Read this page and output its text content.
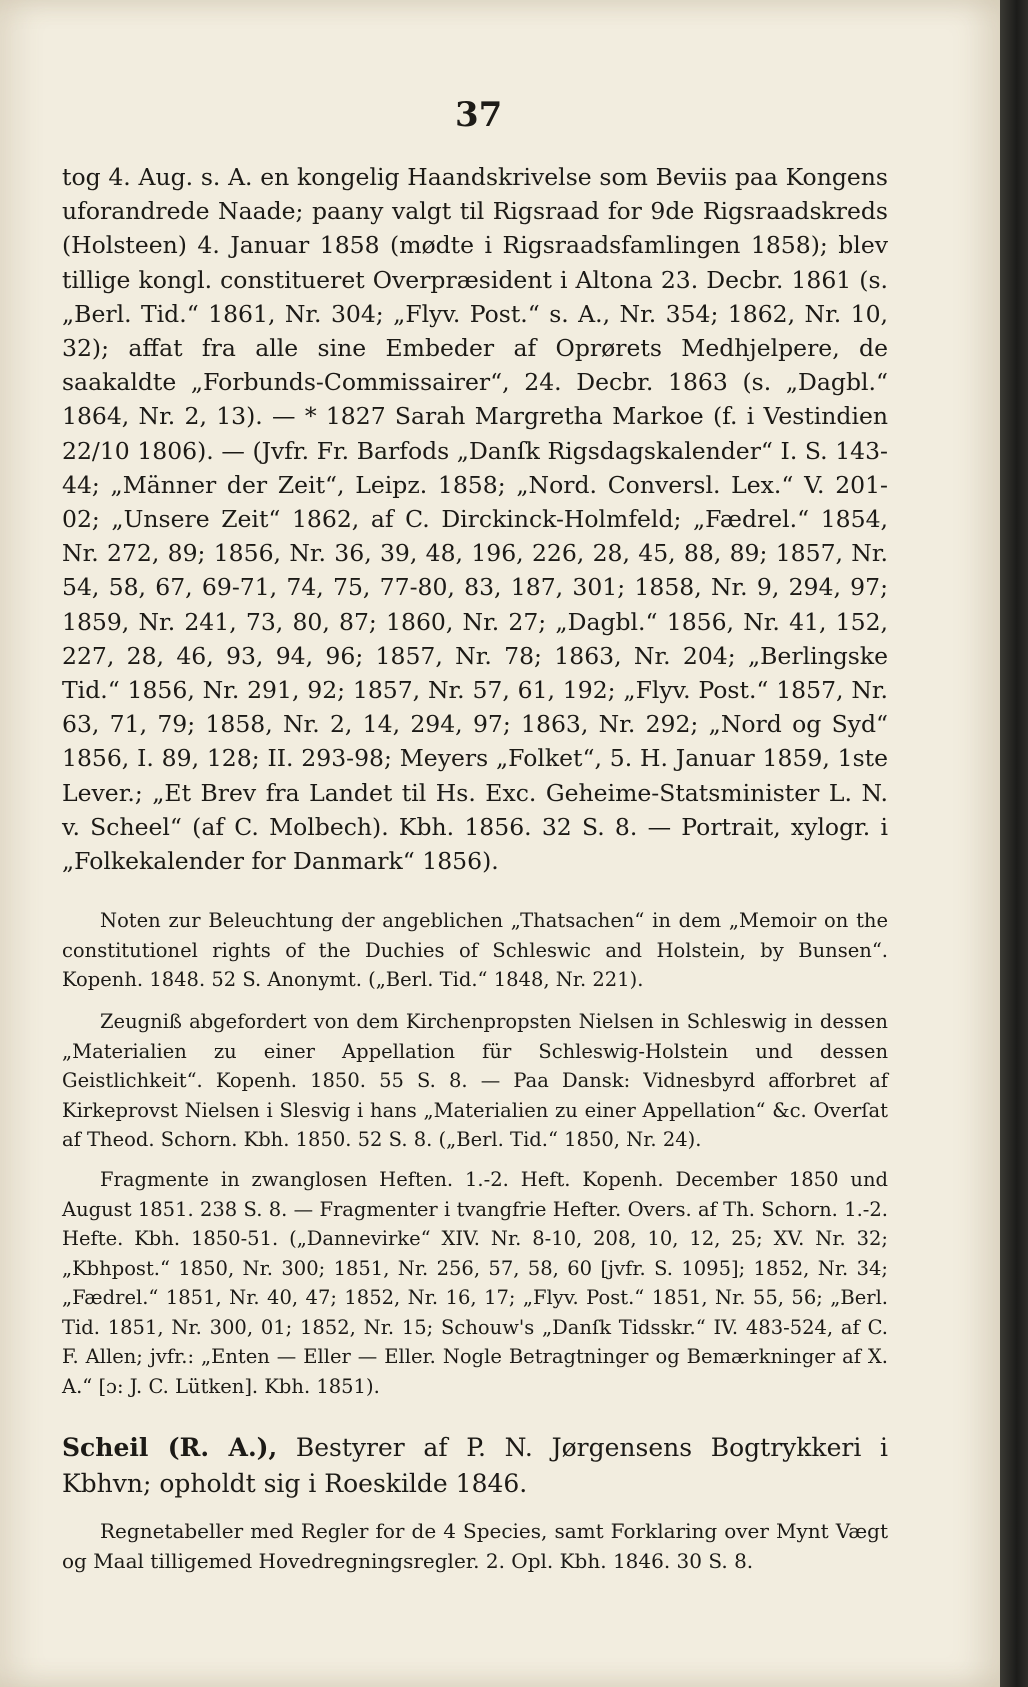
37

tog 4. Aug. s. A. en kongelig Haandskrivelse som Beviis paa Kongens uforandrede Naade; paany valgt til Rigsraad for 9de Rigsraadskreds (Holsteen) 4. Januar 1858 (mødte i Rigsraadsfamlingen 1858); blev tillige kongl. constitueret Overpræsident i Altona 23. Decbr. 1861 (s. „Berl. Tid.“ 1861, Nr. 304; „Flyv. Post.“ s. A., Nr. 354; 1862, Nr. 10, 32); affat fra alle sine Embeder af Oprørets Medhjelpere, de saakaldte „Forbunds-Commissairer“, 24. Decbr. 1863 (s. „Dagbl.“ 1864, Nr. 2, 13). — * 1827 Sarah Margretha Markoe (f. i Vestindien 22/10 1806). — (Jvfr. Fr. Barfods „Danſk Rigsdagskalender“ I. S. 143-44; „Männer der Zeit“, Leipz. 1858; „Nord. Conversl. Lex.“ V. 201-02; „Unsere Zeit“ 1862, af C. Dirckinck-Holmfeld; „Fædrel.“ 1854, Nr. 272, 89; 1856, Nr. 36, 39, 48, 196, 226, 28, 45, 88, 89; 1857, Nr. 54, 58, 67, 69-71, 74, 75, 77-80, 83, 187, 301; 1858, Nr. 9, 294, 97; 1859, Nr. 241, 73, 80, 87; 1860, Nr. 27; „Dagbl.“ 1856, Nr. 41, 152, 227, 28, 46, 93, 94, 96; 1857, Nr. 78; 1863, Nr. 204; „Berlingske Tid.“ 1856, Nr. 291, 92; 1857, Nr. 57, 61, 192; „Flyv. Post.“ 1857, Nr. 63, 71, 79; 1858, Nr. 2, 14, 294, 97; 1863, Nr. 292; „Nord og Syd“ 1856, I. 89, 128; II. 293-98; Meyers „Folket“, 5. H. Januar 1859, 1ste Lever.; „Et Brev fra Landet til Hs. Exc. Geheime-Statsminister L. N. v. Scheel“ (af C. Molbech). Kbh. 1856. 32 S. 8. — Portrait, xylogr. i „Folkekalender for Danmark“ 1856).

Noten zur Beleuchtung der angeblichen „Thatsachen“ in dem „Memoir on the constitutionel rights of the Duchies of Schleswic and Holstein, by Bunsen“. Kopenh. 1848. 52 S. Anonymt. („Berl. Tid.“ 1848, Nr. 221).

Zeugniß abgefordert von dem Kirchenpropsten Nielsen in Schleswig in dessen „Materialien zu einer Appellation für Schleswig-Holstein und dessen Geistlichkeit“. Kopenh. 1850. 55 S. 8. — Paa Dansk: Vidnesbyrd afforbret af Kirkeprovst Nielsen i Slesvig i hans „Materialien zu einer Appellation“ &c. Overſat af Theod. Schorn. Kbh. 1850. 52 S. 8. („Berl. Tid.“ 1850, Nr. 24).

Fragmente in zwanglosen Heften. 1.-2. Heft. Kopenh. December 1850 und August 1851. 238 S. 8. — Fragmenter i tvangfrie Hefter. Overs. af Th. Schorn. 1.-2. Hefte. Kbh. 1850-51. („Dannevirke“ XIV. Nr. 8-10, 208, 10, 12, 25; XV. Nr. 32; „Kbhpost.“ 1850, Nr. 300; 1851, Nr. 256, 57, 58, 60 [jvfr. S. 1095]; 1852, Nr. 34; „Fædrel.“ 1851, Nr. 40, 47; 1852, Nr. 16, 17; „Flyv. Post.“ 1851, Nr. 55, 56; „Berl. Tid. 1851, Nr. 300, 01; 1852, Nr. 15; Schouw's „Danſk Tidsskr.“ IV. 483-524, af C. F. Allen; jvfr.: „Enten — Eller — Eller. Nogle Betragtninger og Bemærkninger af X. A.“ [ɔ: J. C. Lütken]. Kbh. 1851).

Scheil (R. A.), Bestyrer af P. N. Jørgensens Bogtrykkeri i Kbhvn; opholdt sig i Roeskilde 1846.

Regnetabeller med Regler for de 4 Species, samt Forklaring over Mynt Vægt og Maal tilligemed Hovedregningsregler. 2. Opl. Kbh. 1846. 30 S. 8.
